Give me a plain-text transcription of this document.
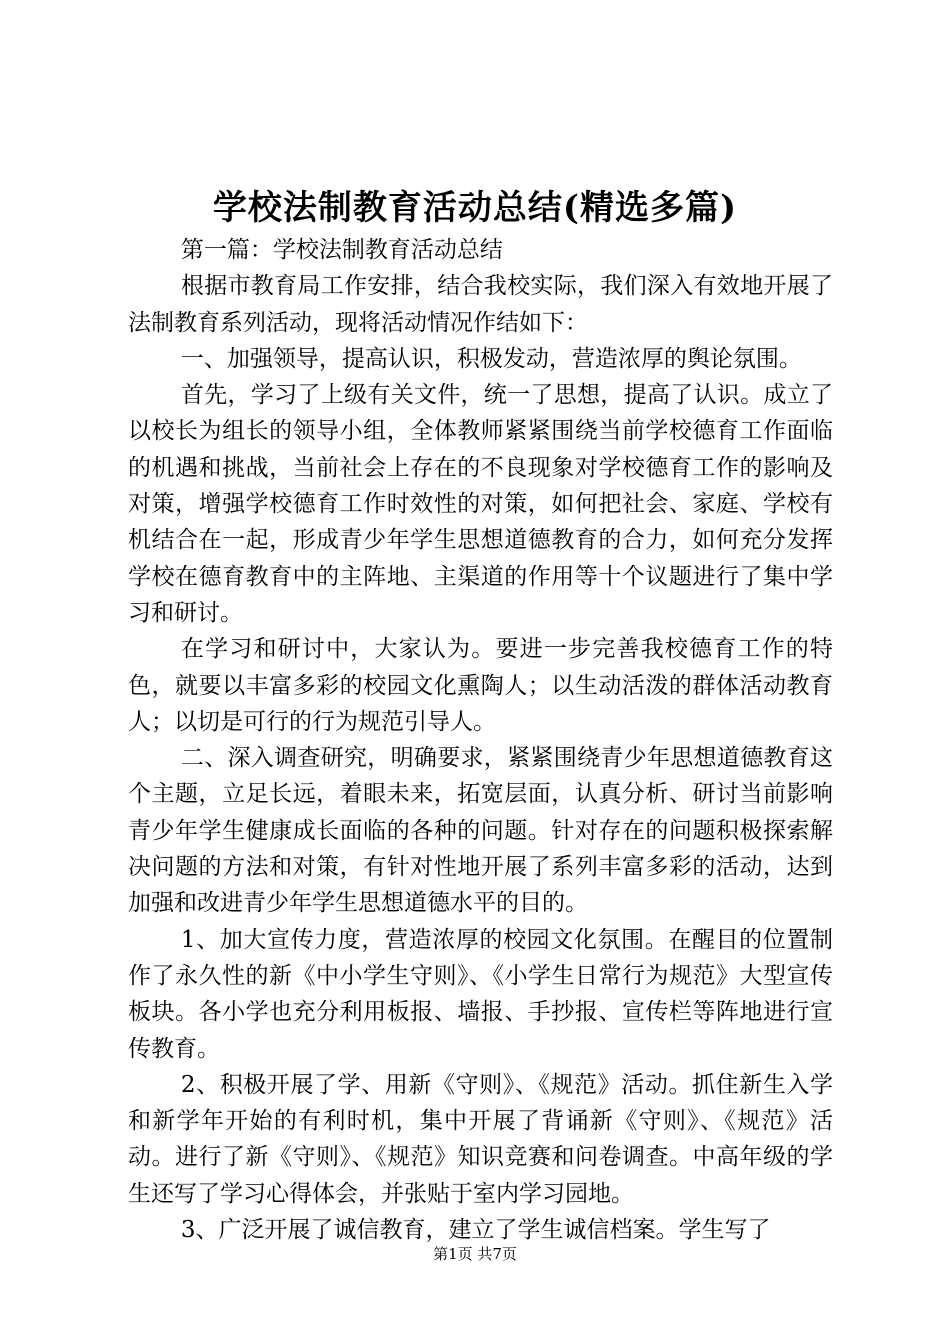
学校法制教育活动总结(精选多篇)

第一篇：学校法制教育活动总结

根据市教育局工作安排，结合我校实际，我们深入有效地开展了法制教育系列活动，现将活动情况作结如下：

一、加强领导，提高认识，积极发动，营造浓厚的舆论氛围。

首先，学习了上级有关文件，统一了思想，提高了认识。成立了以校长为组长的领导小组，全体教师紧紧围绕当前学校德育工作面临的机遇和挑战，当前社会上存在的不良现象对学校德育工作的影响及对策，增强学校德育工作时效性的对策，如何把社会、家庭、学校有机结合在一起，形成青少年学生思想道德教育的合力，如何充分发挥学校在德育教育中的主阵地、主渠道的作用等十个议题进行了集中学习和研讨。

在学习和研讨中，大家认为。要进一步完善我校德育工作的特色，就要以丰富多彩的校园文化熏陶人；以生动活泼的群体活动教育人；以切是可行的行为规范引导人。

二、深入调查研究，明确要求，紧紧围绕青少年思想道德教育这个主题，立足长远，着眼未来，拓宽层面，认真分析、研讨当前影响青少年学生健康成长面临的各种的问题。针对存在的问题积极探索解决问题的方法和对策，有针对性地开展了系列丰富多彩的活动，达到加强和改进青少年学生思想道德水平的目的。

1、加大宣传力度，营造浓厚的校园文化氛围。在醒目的位置制作了永久性的新《中小学生守则》、《小学生日常行为规范》大型宣传板块。各小学也充分利用板报、墙报、手抄报、宣传栏等阵地进行宣传教育。

2、积极开展了学、用新《守则》、《规范》活动。抓住新生入学和新学年开始的有利时机，集中开展了背诵新《守则》、《规范》活动。进行了新《守则》、《规范》知识竞赛和问卷调查。中高年级的学生还写了学习心得体会，并张贴于室内学习园地。

3、广泛开展了诚信教育，建立了学生诚信档案。学生写了

第1页 共7页
